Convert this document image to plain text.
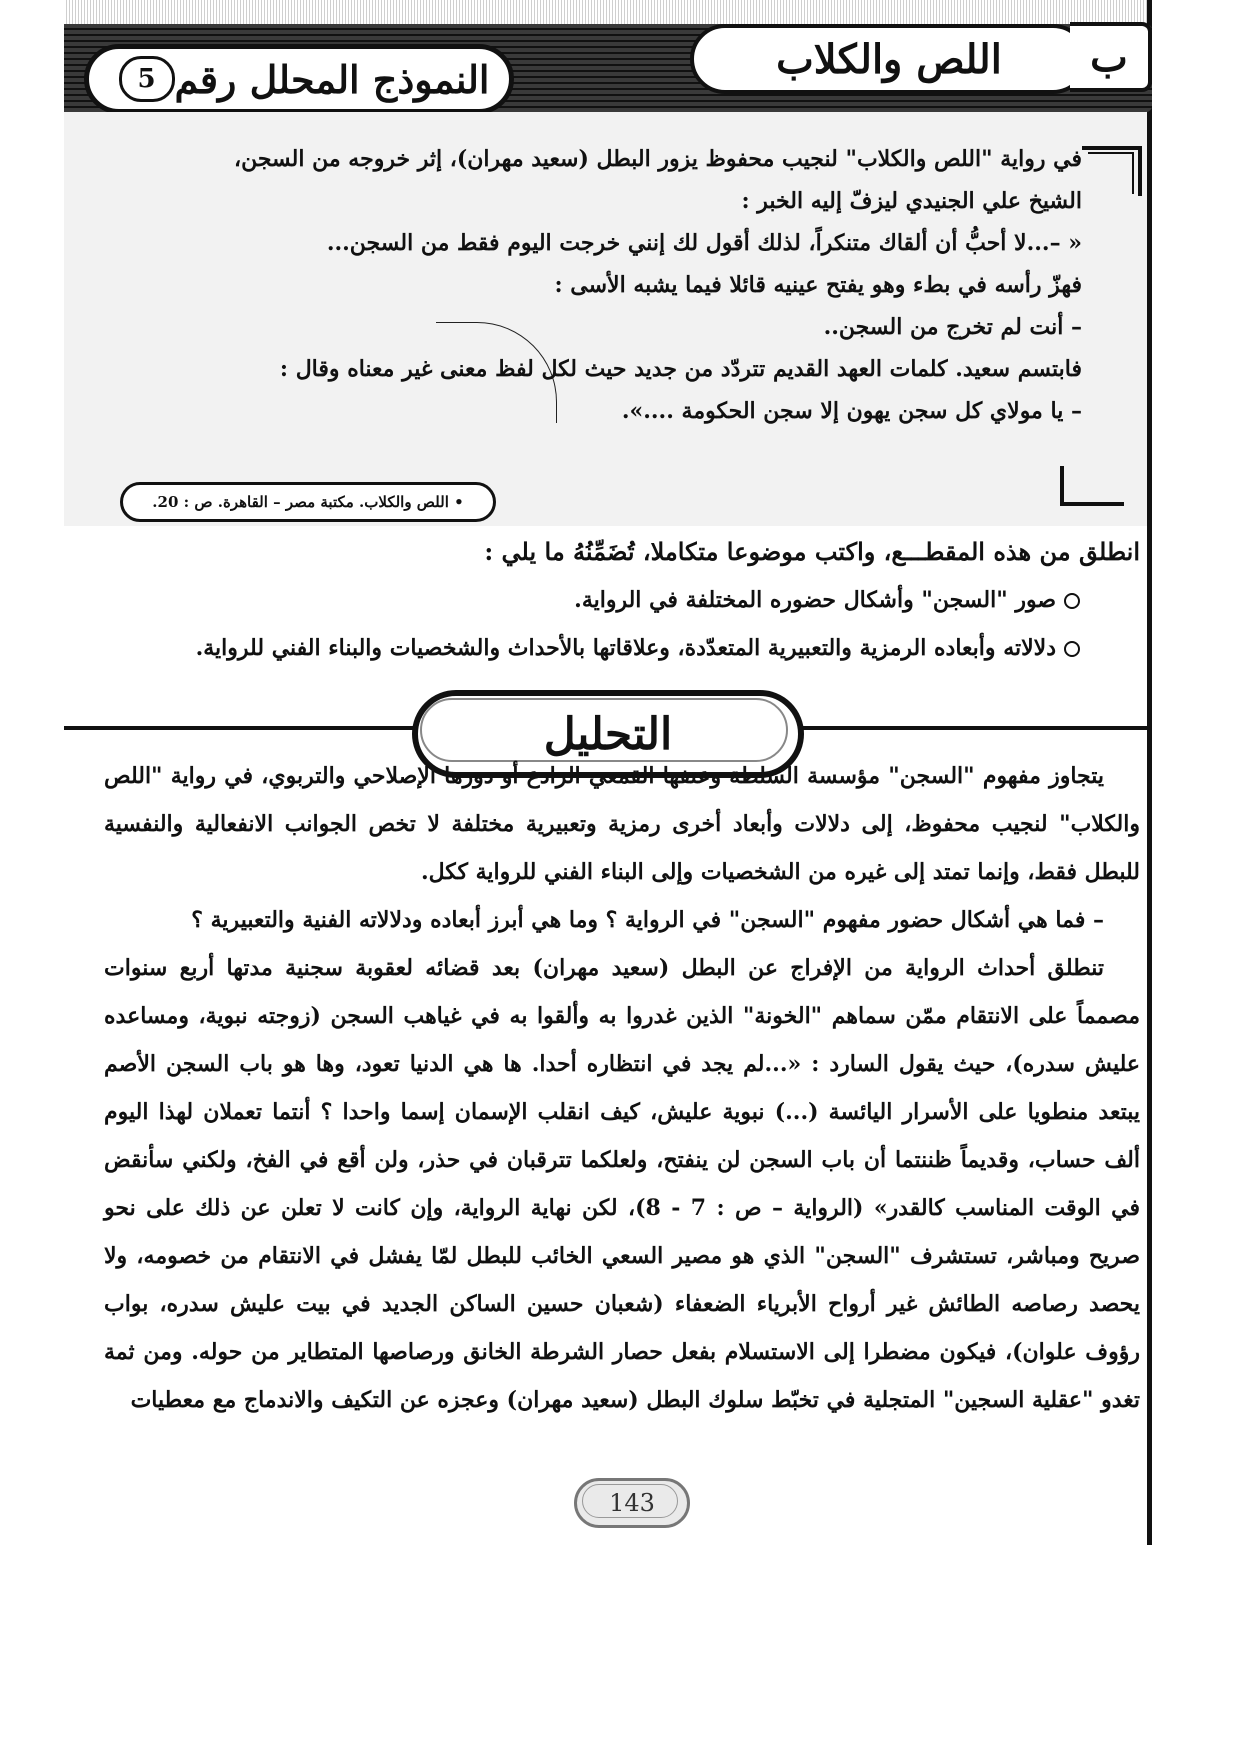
اللص والكلاب	ب
النموذج المحلل رقم
5

في رواية "اللص والكلاب" لنجيب محفوظ يزور البطل (سعيد مهران)، إثر خروجه من السجن،

الشيخ علي الجنيدي ليزفّ إليه الخبر :

« –...لا أحبُّ أن ألقاك متنكراً، لذلك أقول لك إنني خرجت اليوم فقط من السجن...

فهزّ رأسه في بطء وهو يفتح عينيه قائلا فيما يشبه الأسى :

– أنت لم تخرج من السجن..

فابتسم سعيد. كلمات العهد القديم تتردّد من جديد حيث لكل لفظ معنى غير معناه وقال :

– يا مولاي كل سجن يهون إلا سجن الحكومة ....».

• اللص والكلاب. مكتبة مصر – القاهرة. ص : 20.

انطلق من هذه المقطـــع، واكتب موضوعا متكاملا، تُضَمِّنُهُ ما يلي :

صور "السجن" وأشكال حضوره المختلفة في الرواية.

دلالاته وأبعاده الرمزية والتعبيرية المتعدّدة، وعلاقاتها بالأحداث والشخصيات والبناء الفني للرواية.

التحليل

يتجاوز مفهوم "السجن" مؤسسة السلطة وعنفها القمعي الرادع أو دورها الإصلاحي والتربوي، في رواية "اللص والكلاب" لنجيب محفوظ، إلى دلالات وأبعاد أخرى رمزية وتعبيرية مختلفة لا تخص الجوانب الانفعالية والنفسية للبطل فقط، وإنما تمتد إلى غيره من الشخصيات وإلى البناء الفني للرواية ككل.

– فما هي أشكال حضور مفهوم "السجن" في الرواية ؟ وما هي أبرز أبعاده ودلالاته الفنية والتعبيرية ؟

تنطلق أحداث الرواية من الإفراج عن البطل (سعيد مهران) بعد قضائه لعقوبة سجنية مدتها أربع سنوات مصمماً على الانتقام ممّن سماهم "الخونة" الذين غدروا به وألقوا به في غياهب السجن (زوجته نبوية، ومساعده عليش سدره)، حيث يقول السارد : «...لم يجد في انتظاره أحدا. ها هي الدنيا تعود، وها هو باب السجن الأصم يبتعد منطويا على الأسرار اليائسة (...) نبوية عليش، كيف انقلب الإسمان إسما واحدا ؟ أنتما تعملان لهذا اليوم ألف حساب، وقديماً ظننتما أن باب السجن لن ينفتح، ولعلكما تترقبان في حذر، ولن أقع في الفخ، ولكني سأنقض في الوقت المناسب كالقدر» (الرواية – ص : 7 - 8)، لكن نهاية الرواية، وإن كانت لا تعلن عن ذلك على نحو صريح ومباشر، تستشرف "السجن" الذي هو مصير السعي الخائب للبطل لمّا يفشل في الانتقام من خصومه، ولا يحصد رصاصه الطائش غير أرواح الأبرياء الضعفاء (شعبان حسين الساكن الجديد في بيت عليش سدره، بواب رؤوف علوان)، فيكون مضطرا إلى الاستسلام بفعل حصار الشرطة الخانق ورصاصها المتطاير من حوله. ومن ثمة تغدو "عقلية السجين" المتجلية في تخبّط سلوك البطل (سعيد مهران) وعجزه عن التكيف والاندماج مع معطيات

143
